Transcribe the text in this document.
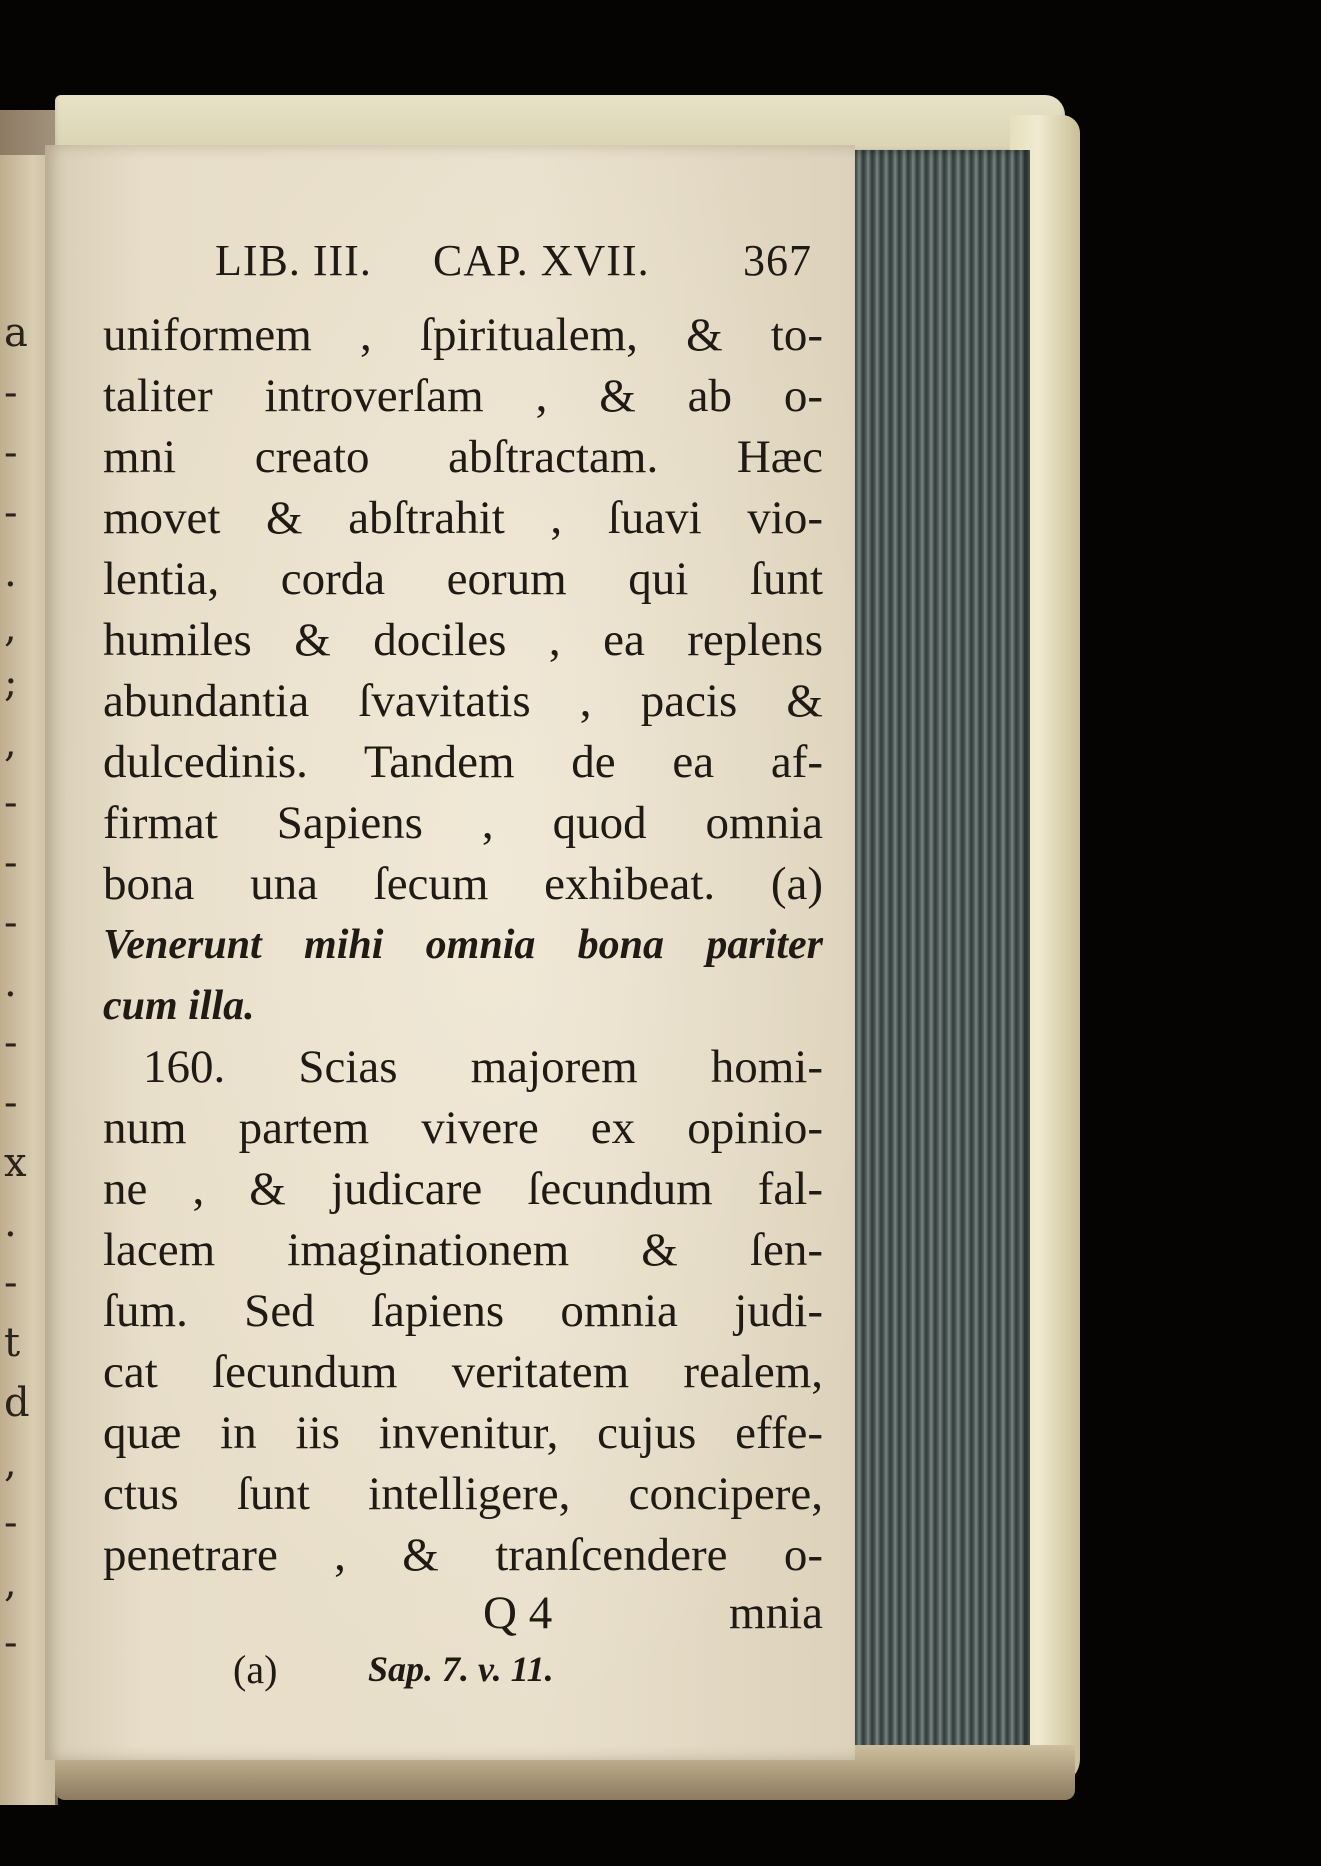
a
-
-
-
.
,
;
,
-
-
-
.
-
-
x
.
-
t
d
,
-
,
-
LIB. III. CAP. XVII. 367
uniformem , ſpiritualem, & to-
taliter introverſam , & ab o-
mni creato abſtractam. Hæc
movet & abſtrahit , ſuavi vio-
lentia, corda eorum qui ſunt
humiles & dociles , ea replens
abundantia ſvavitatis , pacis &
dulcedinis. Tandem de ea af-
firmat Sapiens , quod omnia
bona una ſecum exhibeat. (a)
Venerunt mihi omnia bona pariter
cum illa.
160. Scias majorem homi-
num partem vivere ex opinio-
ne , & judicare ſecundum fal-
lacem imaginationem & ſen-
ſum. Sed ſapiens omnia judi-
cat ſecundum veritatem realem,
quæ in iis invenitur, cujus effe-
ctus ſunt intelligere, concipere,
penetrare , & tranſcendere o-
Q 4	mnia
(a)	Sap. 7. v. 11.
